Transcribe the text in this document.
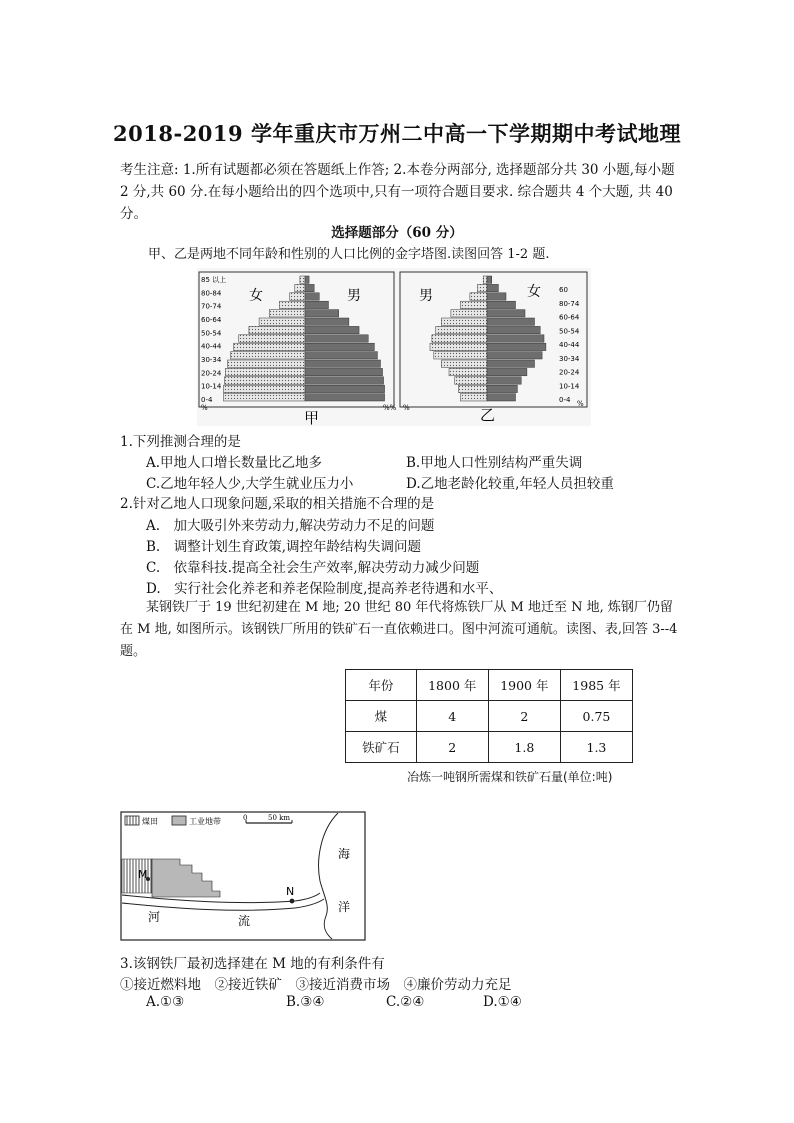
2018-2019 学年重庆市万州二中高一下学期期中考试地理
考生注意: 1.所有试题都必须在答题纸上作答; 2.本卷分两部分, 选择题部分共 30 小题,每小题 2 分,共 60 分.在每小题给出的四个选项中,只有一项符合题目要求. 综合题共 4 个大题, 共 40 分。
选择题部分（60 分）
甲、乙是两地不同年龄和性别的人口比例的金字塔图.读图回答 1-2 题.
女	男	男	女
85 以上
80-84
70-74
60-64
50-54
40-44
30-34
20-24
10-14
0-4
60
80-74
60-64
50-54
40-44
30-34
20-24
10-14
0-4
%	%% %	%
甲	乙
1.下列推测合理的是
A.甲地人口增长数量比乙地多	B.甲地人口性别结构严重失调
C.乙地年轻人少,大学生就业压力小	D.乙地老龄化较重,年轻人员担较重
2.针对乙地人口现象问题,采取的相关措施不合理的是
A.　加大吸引外来劳动力,解决劳动力不足的问题
B.　调整计划生育政策,调控年龄结构失调问题
C.　依靠科技.提高全社会生产效率,解决劳动力减少问题
D.　实行社会化养老和养老保险制度,提高养老待遇和水平、
某钢铁厂于 19 世纪初建在 M 地; 20 世纪 80 年代将炼铁厂从 M 地迁至 N 地, 炼钢厂仍留在 M 地, 如图所示。该钢铁厂所用的铁矿石一直依赖进口。图中河流可通航。读图、表,回答 3--4 题。
年份	1800 年	1900 年	1985 年
煤	4	2	0.75
铁矿石	2	1.8	1.3
冶炼一吨钢所需煤和铁矿石量(单位:吨)
煤田	工业地带	0	50 km
M
N
河	流
海
洋
3.该钢铁厂最初选择建在 M 地的有利条件有
①接近燃料地　②接近铁矿　③接近消费市场　④廉价劳动力充足
A.①③	B.③④	C.②④	D.①④
